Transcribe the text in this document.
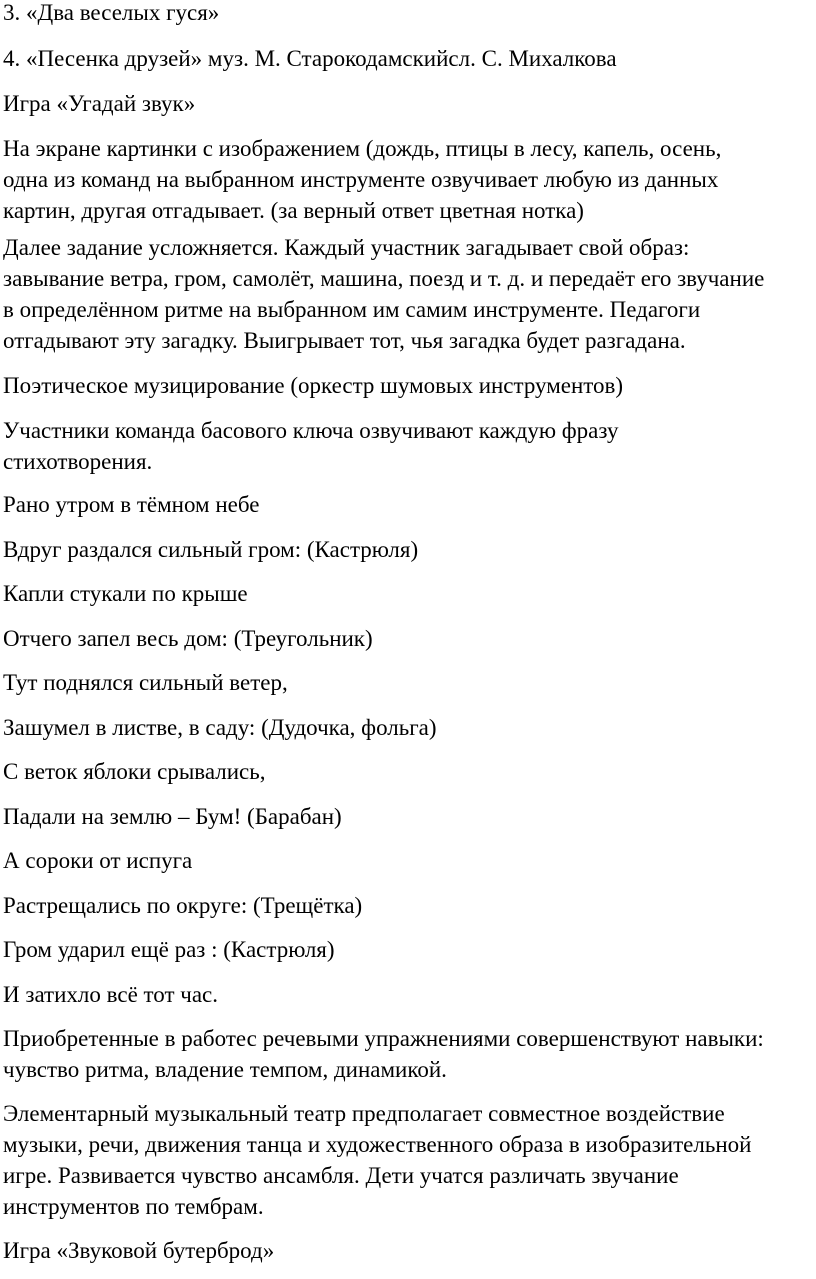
3. «Два веселых гуся»

4. «Песенка друзей» муз. М. Старокодамскийсл. С. Михалкова

Игра «Угадай звук»

На экране картинки с изображением (дождь, птицы в лесу, капель, осень,
одна из команд на выбранном инструменте озвучивает любую из данных
картин, другая отгадывает. (за верный ответ цветная нотка)

Далее задание усложняется. Каждый участник загадывает свой образ:
завывание ветра, гром, самолёт, машина, поезд и т. д. и передаёт его звучание
в определённом ритме на выбранном им самим инструменте. Педагоги
отгадывают эту загадку. Выигрывает тот, чья загадка будет разгадана.

Поэтическое музицирование (оркестр шумовых инструментов)

Участники команда басового ключа озвучивают каждую фразу
стихотворения.

Рано утром в тёмном небе

Вдруг раздался сильный гром: (Кастрюля)

Капли стукали по крыше

Отчего запел весь дом: (Треугольник)

Тут поднялся сильный ветер,

Зашумел в листве, в саду: (Дудочка, фольга)

С веток яблоки срывались,

Падали на землю – Бум! (Барабан)

А сороки от испуга

Растрещались по округе: (Трещётка)

Гром ударил ещё раз : (Кастрюля)

И затихло всё тот час.

Приобретенные в работес речевыми упражнениями совершенствуют навыки:
чувство ритма, владение темпом, динамикой.

Элементарный музыкальный театр предполагает совместное воздействие
музыки, речи, движения танца и художественного образа в изобразительной
игре. Развивается чувство ансамбля. Дети учатся различать звучание
инструментов по тембрам.

Игра «Звуковой бутерброд»
